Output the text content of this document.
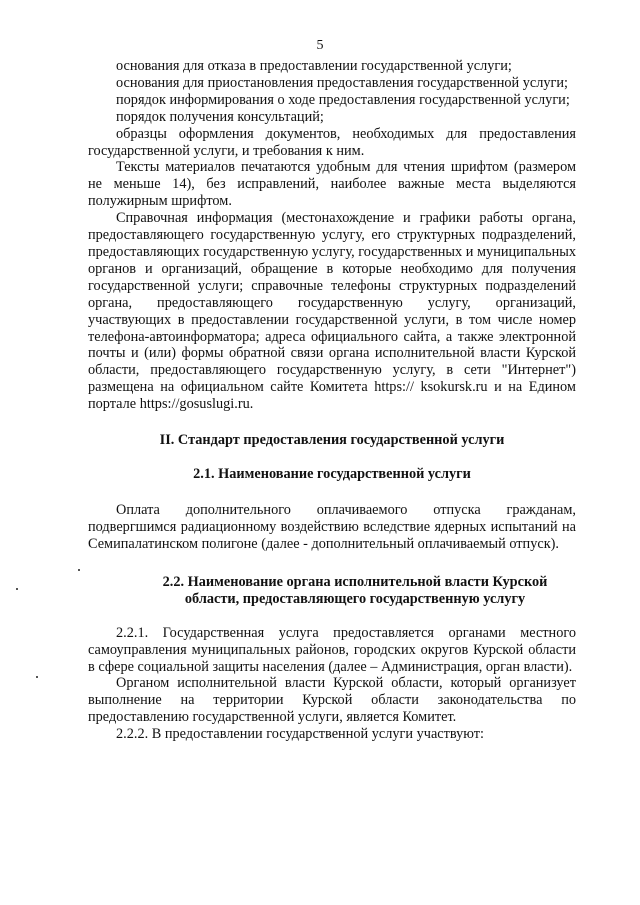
5

основания для отказа в предоставлении государственной услуги;

основания для приостановления предоставления государственной услуги;

порядок информирования о ходе предоставления государственной услуги;

порядок получения консультаций;

образцы оформления документов, необходимых для предоставления государственной услуги, и требования к ним.

Тексты материалов печатаются удобным для чтения шрифтом (размером не меньше 14), без исправлений, наиболее важные места выделяются полужирным шрифтом.

Справочная информация (местонахождение и графики работы органа, предоставляющего государственную услугу, его структурных подразделений, предоставляющих государственную услугу, государственных и муниципальных органов и организаций, обращение в которые необходимо для получения государственной услуги; справочные телефоны структурных подразделений органа, предоставляющего государственную услугу, организаций, участвующих в предоставлении государственной услуги, в том числе номер телефона-автоинформатора; адреса официального сайта, а также электронной почты и (или) формы обратной связи органа исполнительной власти Курской области, предоставляющего государственную услугу, в сети "Интернет") размещена на официальном сайте Комитета https:// ksokursk.ru и на Едином портале https://gosuslugi.ru.

II. Стандарт предоставления государственной услуги

2.1. Наименование государственной услуги

Оплата дополнительного оплачиваемого отпуска гражданам, подвергшимся радиационному воздействию вследствие ядерных испытаний на Семипалатинском полигоне (далее - дополнительный оплачиваемый отпуск).

2.2. Наименование органа исполнительной власти Курской
области, предоставляющего государственную услугу

2.2.1. Государственная услуга предоставляется органами местного самоуправления муниципальных районов, городских округов Курской области в сфере социальной защиты населения (далее – Администрация, орган власти).

Органом исполнительной власти Курской области, который организует выполнение на территории Курской области законодательства по предоставлению государственной услуги, является Комитет.

2.2.2. В предоставлении государственной услуги участвуют:
